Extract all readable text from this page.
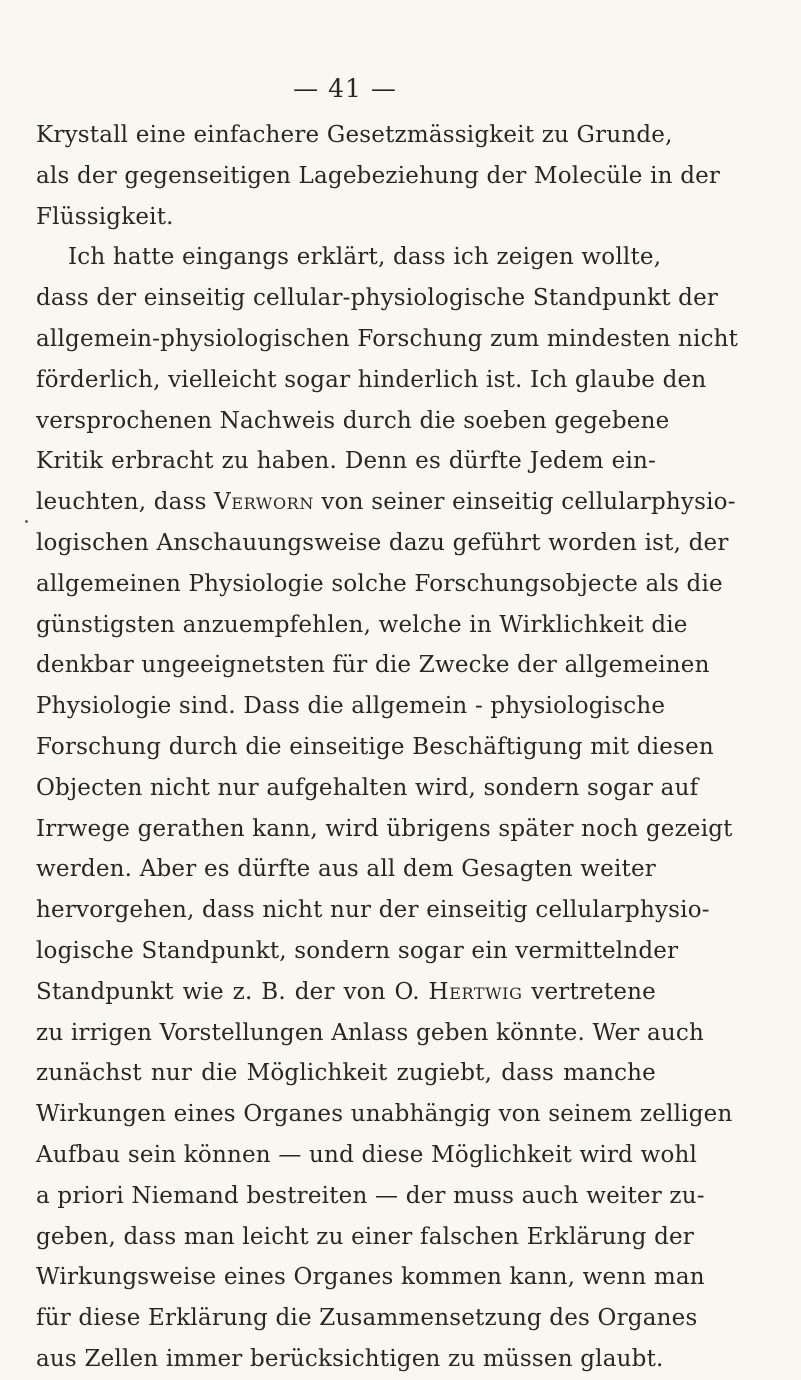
— 41 —
Krystall eine einfachere Gesetzmässigkeit zu Grunde,
als der gegenseitigen Lagebeziehung der Molecüle in der
Flüssigkeit.
Ich hatte eingangs erklärt, dass ich zeigen wollte,
dass der einseitig cellular-physiologische Standpunkt der
allgemein-physiologischen Forschung zum mindesten nicht
förderlich, vielleicht sogar hinderlich ist. Ich glaube den
versprochenen Nachweis durch die soeben gegebene
Kritik erbracht zu haben. Denn es dürfte Jedem ein-
leuchten, dass Verworn von seiner einseitig cellularphysio-
logischen Anschauungsweise dazu geführt worden ist, der
allgemeinen Physiologie solche Forschungsobjecte als die
günstigsten anzuempfehlen, welche in Wirklichkeit die
denkbar ungeeignetsten für die Zwecke der allgemeinen
Physiologie sind. Dass die allgemein - physiologische
Forschung durch die einseitige Beschäftigung mit diesen
Objecten nicht nur aufgehalten wird, sondern sogar auf
Irrwege gerathen kann, wird übrigens später noch gezeigt
werden. Aber es dürfte aus all dem Gesagten weiter
hervorgehen, dass nicht nur der einseitig cellularphysio-
logische Standpunkt, sondern sogar ein vermittelnder
Standpunkt wie z. B. der von O. Hertwig vertretene
zu irrigen Vorstellungen Anlass geben könnte. Wer auch
zunächst nur die Möglichkeit zugiebt, dass manche
Wirkungen eines Organes unabhängig von seinem zelligen
Aufbau sein können — und diese Möglichkeit wird wohl
a priori Niemand bestreiten — der muss auch weiter zu-
geben, dass man leicht zu einer falschen Erklärung der
Wirkungsweise eines Organes kommen kann, wenn man
für diese Erklärung die Zusammensetzung des Organes
aus Zellen immer berücksichtigen zu müssen glaubt.
